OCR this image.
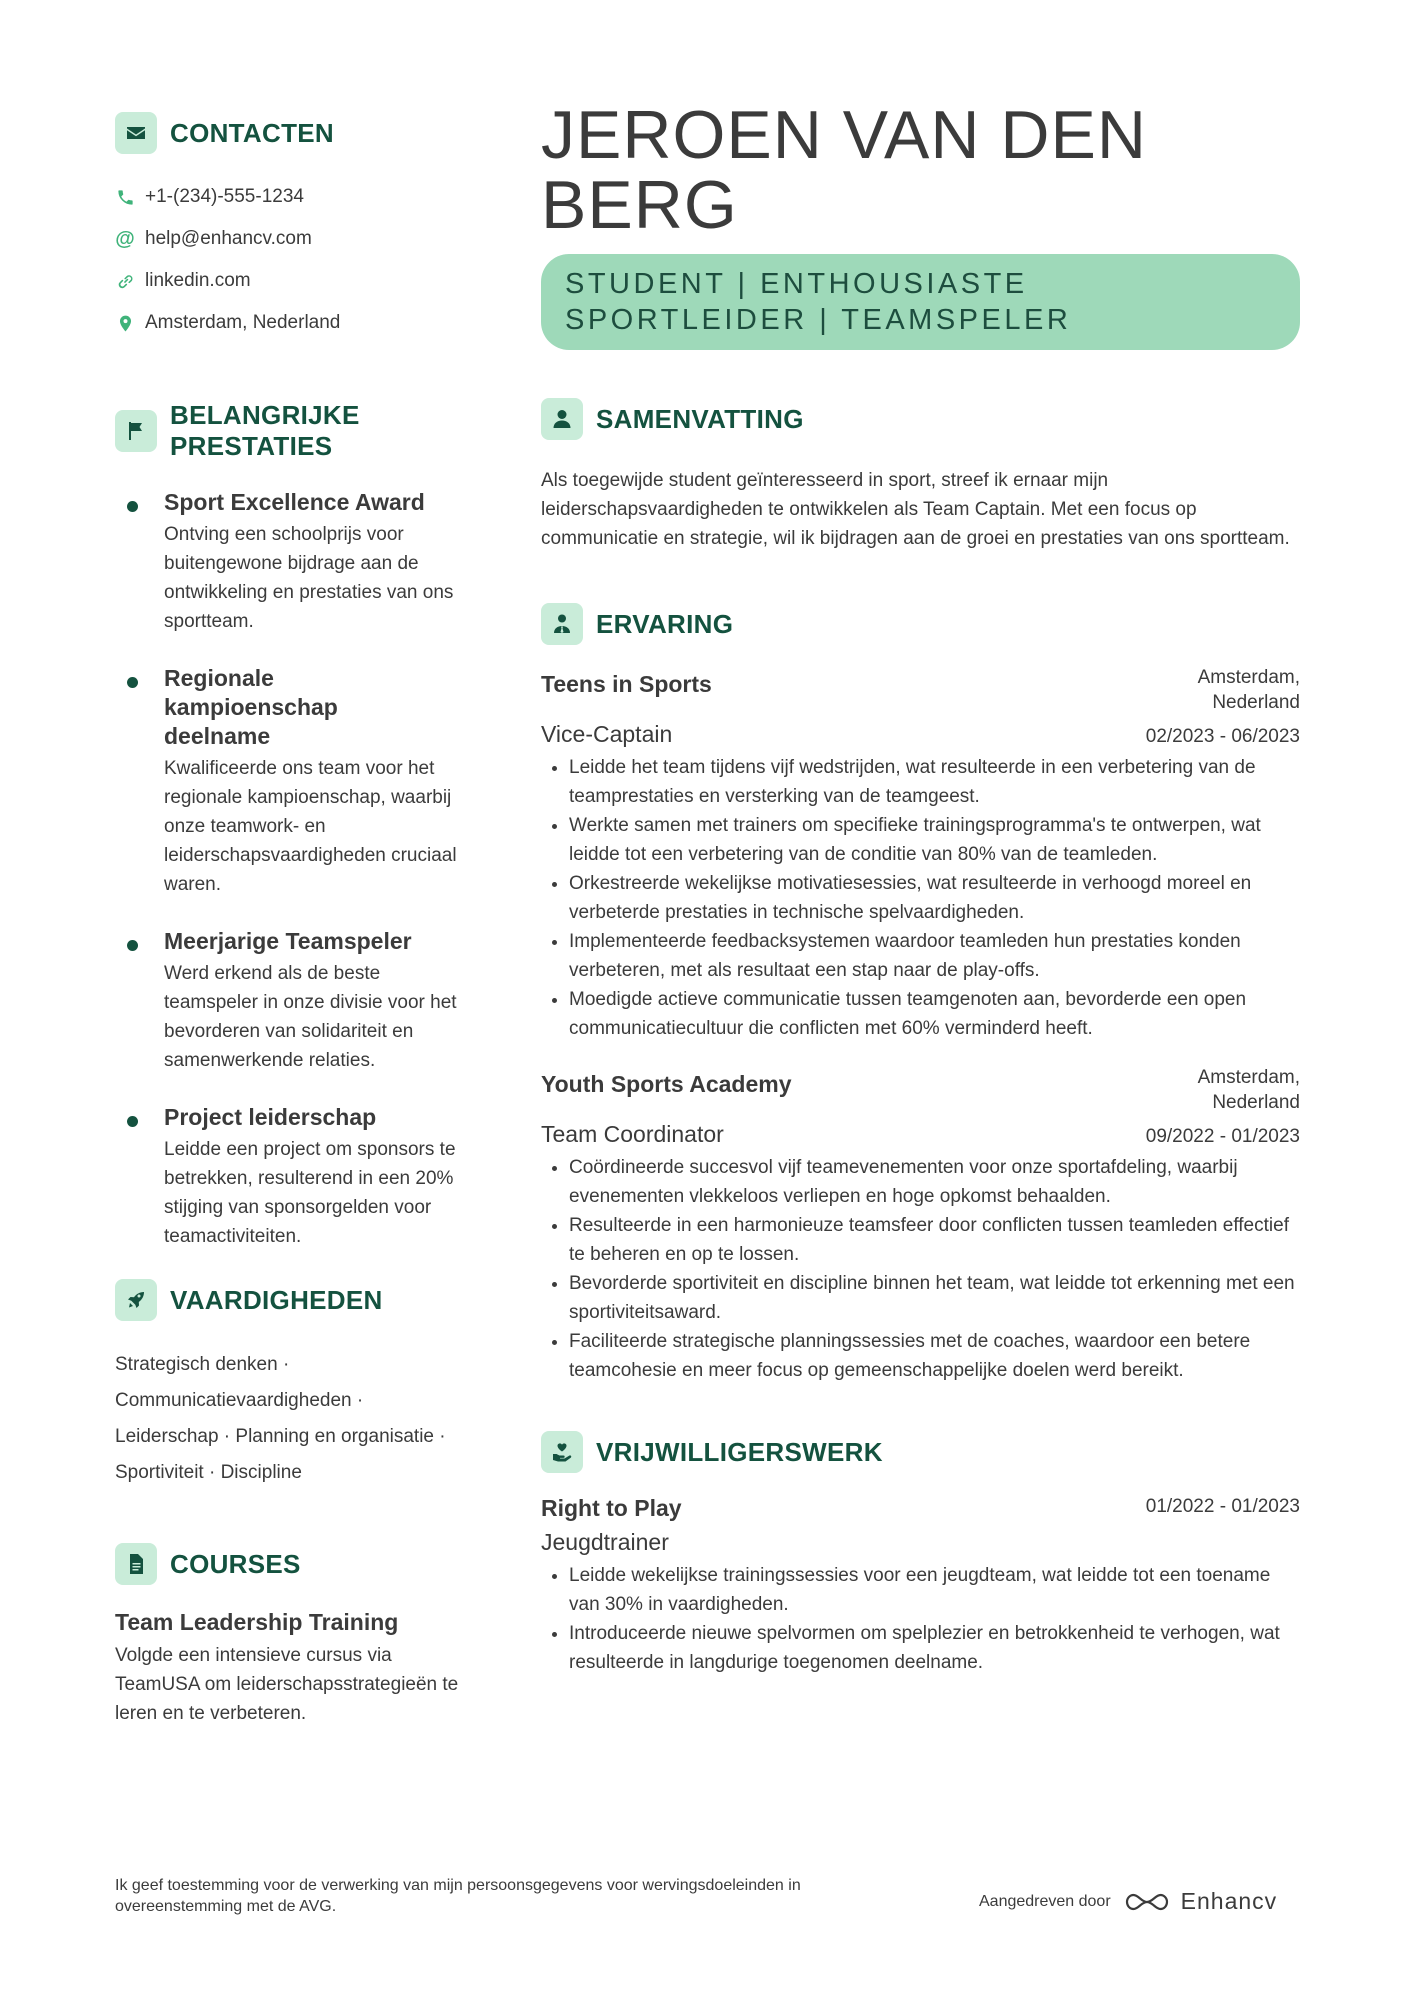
CONTACTEN
+1-(234)-555-1234
@ help@enhancv.com
linkedin.com
Amsterdam, Nederland
BELANGRIJKE PRESTATIES
Sport Excellence Award
Ontving een schoolprijs voor buitengewone bijdrage aan de ontwikkeling en prestaties van ons sportteam.
Regionale kampioenschap deelname
Kwalificeerde ons team voor het regionale kampioenschap, waarbij onze teamwork- en leiderschapsvaardigheden cruciaal waren.
Meerjarige Teamspeler
Werd erkend als de beste teamspeler in onze divisie voor het bevorderen van solidariteit en samenwerkende relaties.
Project leiderschap
Leidde een project om sponsors te betrekken, resulterend in een 20% stijging van sponsorgelden voor teamactiviteiten.
VAARDIGHEDEN
Strategisch denken ·
Communicatievaardigheden ·
Leiderschap · Planning en organisatie ·
Sportiviteit · Discipline
COURSES
Team Leadership Training
Volgde een intensieve cursus via TeamUSA om leiderschapsstrategieën te leren en te verbeteren.
JEROEN VAN DEN BERG
STUDENT | ENTHOUSIASTE SPORTLEIDER | TEAMSPELER
SAMENVATTING
Als toegewijde student geïnteresseerd in sport, streef ik ernaar mijn leiderschapsvaardigheden te ontwikkelen als Team Captain. Met een focus op communicatie en strategie, wil ik bijdragen aan de groei en prestaties van ons sportteam.
ERVARING
Teens in Sports	Amsterdam, Nederland
Vice-Captain	02/2023 - 06/2023
• Leidde het team tijdens vijf wedstrijden, wat resulteerde in een verbetering van de teamprestaties en versterking van de teamgeest.
• Werkte samen met trainers om specifieke trainingsprogramma's te ontwerpen, wat leidde tot een verbetering van de conditie van 80% van de teamleden.
• Orkestreerde wekelijkse motivatiesessies, wat resulteerde in verhoogd moreel en verbeterde prestaties in technische spelvaardigheden.
• Implementeerde feedbacksystemen waardoor teamleden hun prestaties konden verbeteren, met als resultaat een stap naar de play-offs.
• Moedigde actieve communicatie tussen teamgenoten aan, bevorderde een open communicatiecultuur die conflicten met 60% verminderd heeft.
Youth Sports Academy	Amsterdam, Nederland
Team Coordinator	09/2022 - 01/2023
• Coördineerde succesvol vijf teamevenementen voor onze sportafdeling, waarbij evenementen vlekkeloos verliepen en hoge opkomst behaalden.
• Resulteerde in een harmonieuze teamsfeer door conflicten tussen teamleden effectief te beheren en op te lossen.
• Bevorderde sportiviteit en discipline binnen het team, wat leidde tot erkenning met een sportiviteitsaward.
• Faciliteerde strategische planningssessies met de coaches, waardoor een betere teamcohesie en meer focus op gemeenschappelijke doelen werd bereikt.
VRIJWILLIGERSWERK
Right to Play	01/2022 - 01/2023
Jeugdtrainer
• Leidde wekelijkse trainingssessies voor een jeugdteam, wat leidde tot een toename van 30% in vaardigheden.
• Introduceerde nieuwe spelvormen om spelplezier en betrokkenheid te verhogen, wat resulteerde in langdurige toegenomen deelname.
Ik geef toestemming voor de verwerking van mijn persoonsgegevens voor wervingsdoeleinden in overeenstemming met de AVG.	Aangedreven door	Enhancv
